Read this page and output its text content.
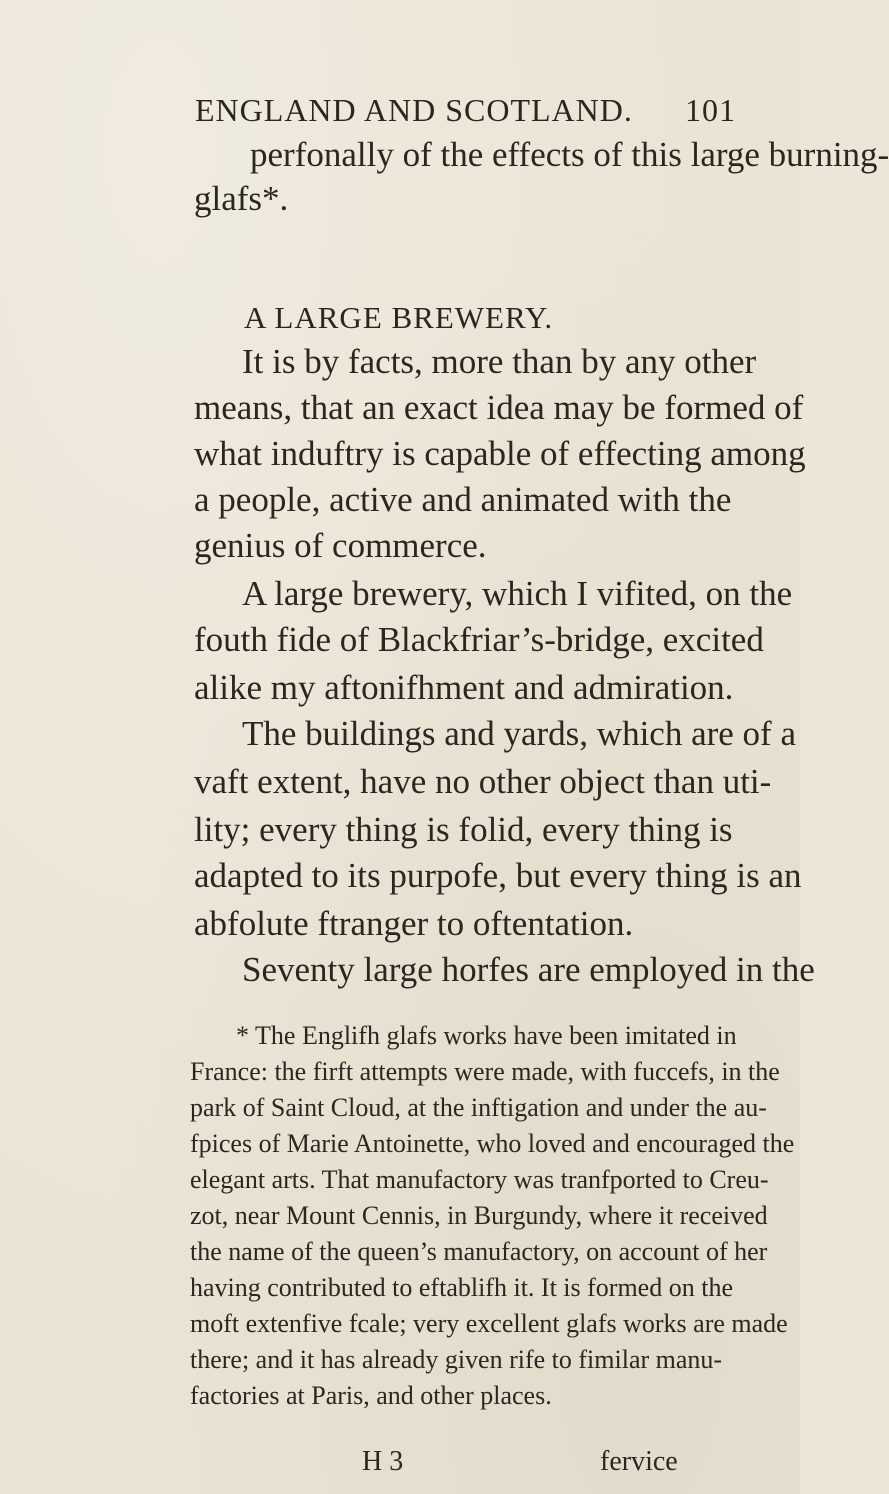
ENGLAND AND SCOTLAND. 101
perfonally of the effects of this large burning-
glafs*.
A LARGE BREWERY.
It is by facts, more than by any other
means, that an exact idea may be formed of
what induftry is capable of effecting among
a people, active and animated with the
genius of commerce.
A large brewery, which I vifited, on the
fouth fide of Blackfriar’s-bridge, excited
alike my aftonifhment and admiration.
The buildings and yards, which are of a
vaft extent, have no other object than uti-
lity; every thing is folid, every thing is
adapted to its purpofe, but every thing is an
abfolute ftranger to oftentation.
Seventy large horfes are employed in the
* The Englifh glafs works have been imitated in
France: the firft attempts were made, with fuccefs, in the
park of Saint Cloud, at the inftigation and under the au-
fpices of Marie Antoinette, who loved and encouraged the
elegant arts. That manufactory was tranfported to Creu-
zot, near Mount Cennis, in Burgundy, where it received
the name of the queen’s manufactory, on account of her
having contributed to eftablifh it. It is formed on the
moft extenfive fcale; very excellent glafs works are made
there; and it has already given rife to fimilar manu-
factories at Paris, and other places.
H 3	fervice
